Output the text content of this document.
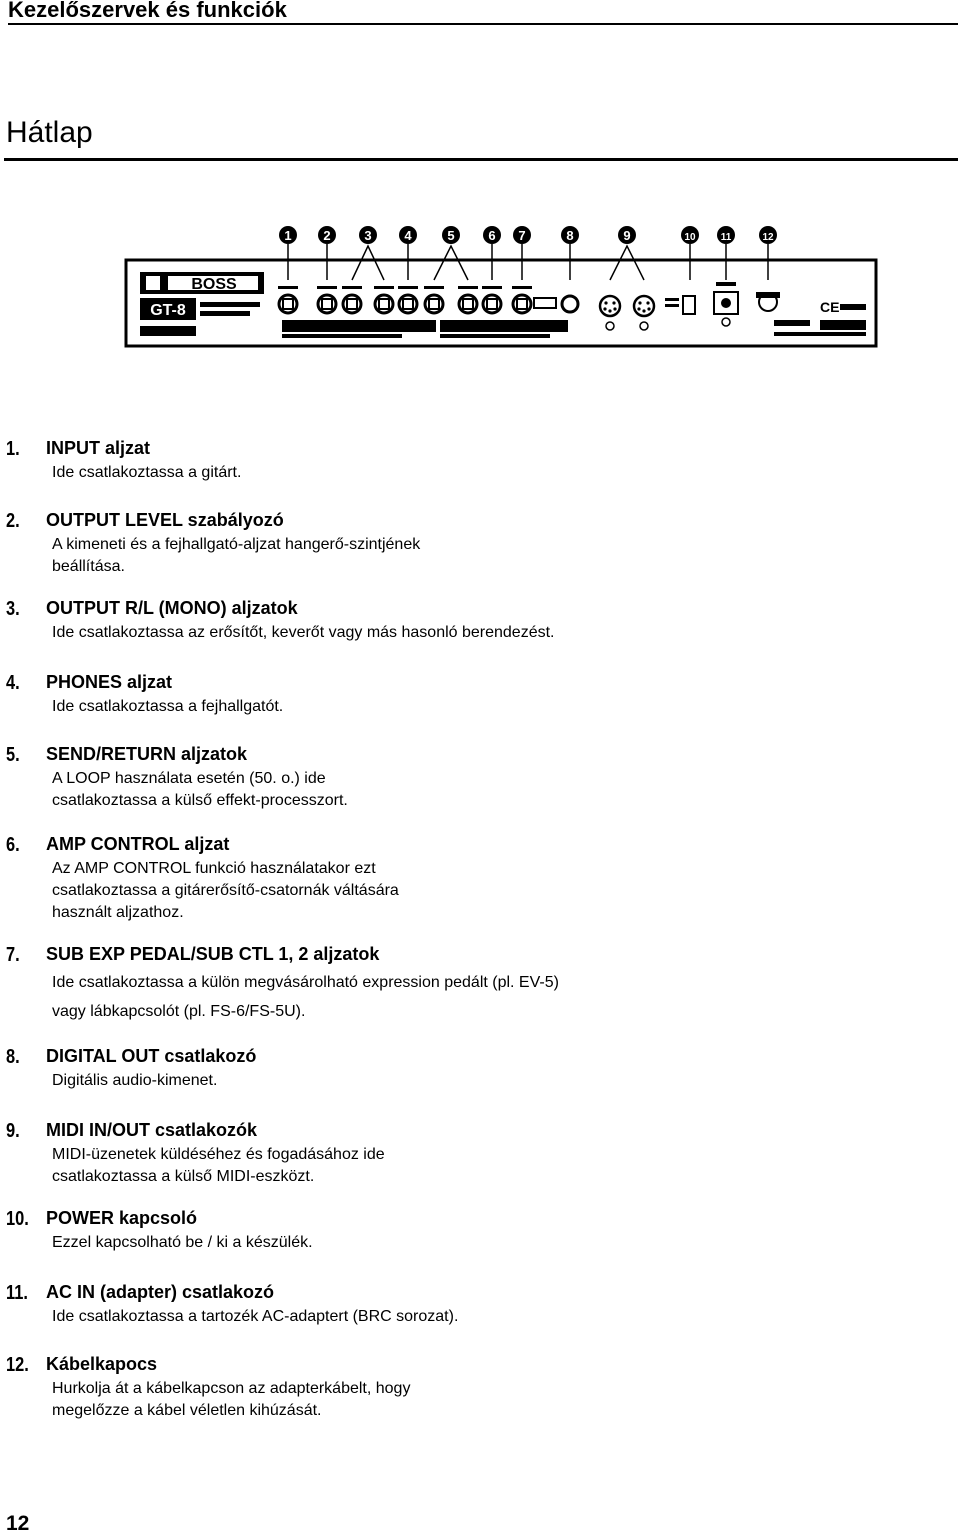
Kezelőszervek és funkciók
Hátlap
1 2	3	4	5	6 7	8	9	10	11	12
BOSS
GT-8	CE
1. INPUT aljzat
Ide csatlakoztassa a gitárt.
2. OUTPUT LEVEL szabályozó
A kimeneti és a fejhallgató-aljzat hangerő-szintjének
beállítása.
3. OUTPUT R/L (MONO) aljzatok
Ide csatlakoztassa az erősítőt, keverőt vagy más hasonló berendezést.
4. PHONES aljzat
Ide csatlakoztassa a fejhallgatót.
5. SEND/RETURN aljzatok
A LOOP használata esetén (50. o.) ide
csatlakoztassa a külső effekt-processzort.
6. AMP CONTROL aljzat
Az AMP CONTROL funkció használatakor ezt
csatlakoztassa a gitárerősítő-csatornák váltására
használt aljzathoz.
7. SUB EXP PEDAL/SUB CTL 1, 2 aljzatok
Ide csatlakoztassa a külön megvásárolható expression pedált (pl. EV-5)
vagy lábkapcsolót (pl. FS-6/FS-5U).
8. DIGITAL OUT csatlakozó
Digitális audio-kimenet.
9. MIDI IN/OUT csatlakozók
MIDI-üzenetek küldéséhez és fogadásához ide
csatlakoztassa a külső MIDI-eszközt.
10. POWER kapcsoló
Ezzel kapcsolható be / ki a készülék.
11. AC IN (adapter) csatlakozó
Ide csatlakoztassa a tartozék AC-adaptert (BRC sorozat).
12. Kábelkapocs
Hurkolja át a kábelkapcson az adapterkábelt, hogy
megelőzze a kábel véletlen kihúzását.
12
